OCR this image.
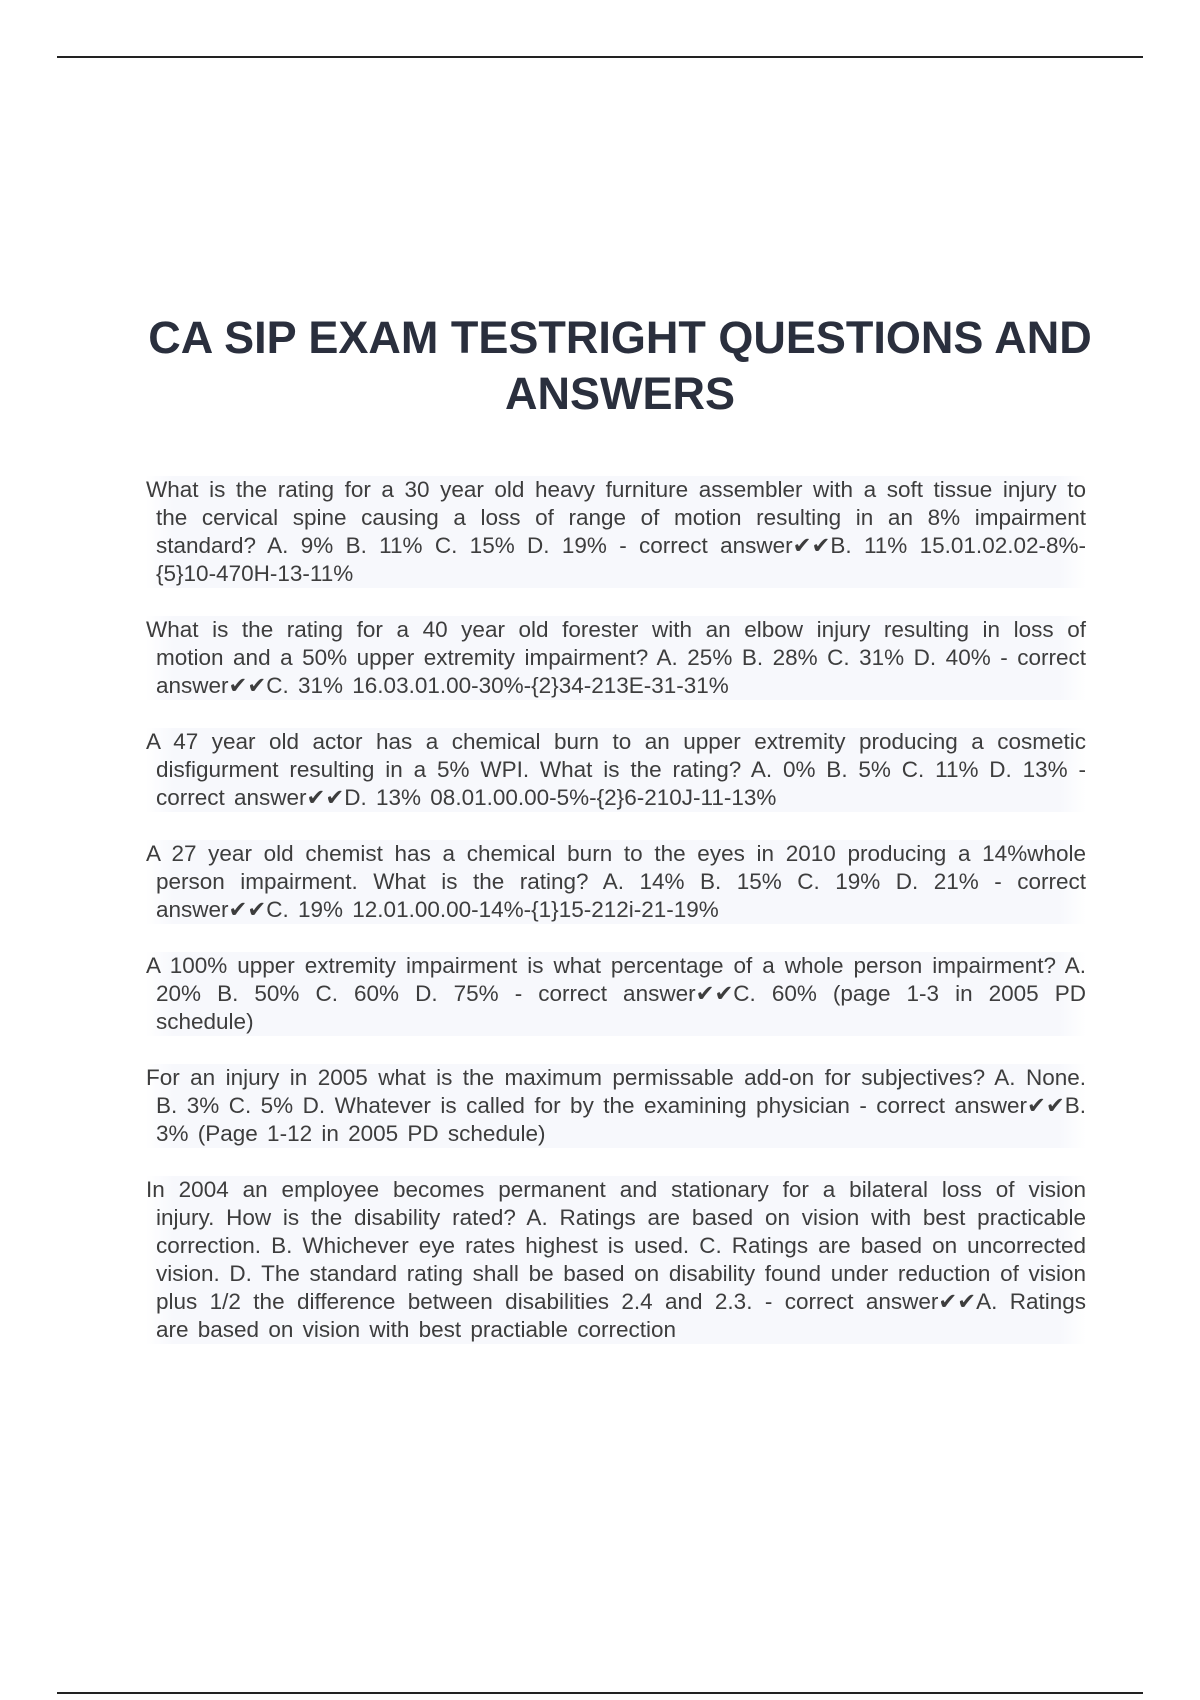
CA SIP EXAM TESTRIGHT QUESTIONS AND ANSWERS

What is the rating for a 30 year old heavy furniture assembler with a soft tissue injury to the cervical spine causing a loss of range of motion resulting in an 8% impairment standard? A. 9% B. 11% C. 15% D. 19% - correct answer✔✔B. 11% 15.01.02.02-8%-{5}10-470H-13-11%

What is the rating for a 40 year old forester with an elbow injury resulting in loss of motion and a 50% upper extremity impairment? A. 25% B. 28% C. 31% D. 40% - correct answer✔✔C. 31% 16.03.01.00-30%-{2}34-213E-31-31%

A 47 year old actor has a chemical burn to an upper extremity producing a cosmetic disfigurment resulting in a 5% WPI. What is the rating? A. 0% B. 5% C. 11% D. 13% - correct answer✔✔D. 13% 08.01.00.00-5%-{2}6-210J-11-13%

A 27 year old chemist has a chemical burn to the eyes in 2010 producing a 14%whole person impairment. What is the rating? A. 14% B. 15% C. 19% D. 21% - correct answer✔✔C. 19% 12.01.00.00-14%-{1}15-212i-21-19%

A 100% upper extremity impairment is what percentage of a whole person impairment? A. 20% B. 50% C. 60% D. 75% - correct answer✔✔C. 60% (page 1-3 in 2005 PD schedule)

For an injury in 2005 what is the maximum permissable add-on for subjectives? A. None. B. 3% C. 5% D. Whatever is called for by the examining physician - correct answer✔✔B. 3% (Page 1-12 in 2005 PD schedule)

In 2004 an employee becomes permanent and stationary for a bilateral loss of vision injury. How is the disability rated? A. Ratings are based on vision with best practicable correction. B. Whichever eye rates highest is used. C. Ratings are based on uncorrected vision. D. The standard rating shall be based on disability found under reduction of vision plus 1/2 the difference between disabilities 2.4 and 2.3. - correct answer✔✔A. Ratings are based on vision with best practiable correction
